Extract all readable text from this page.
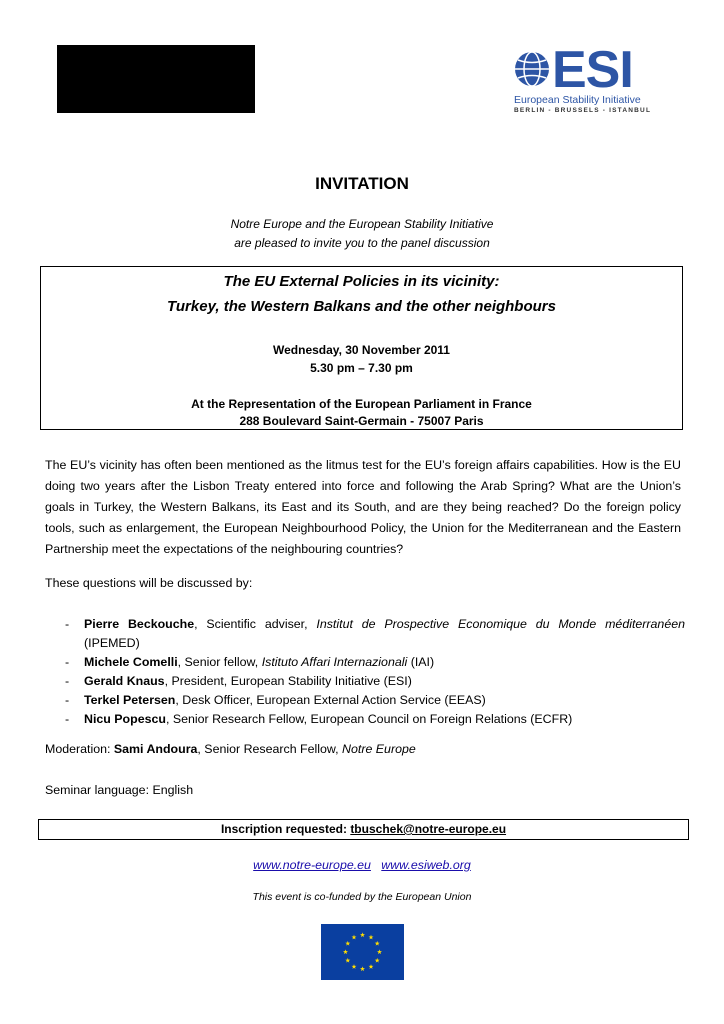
ESI
European Stability Initiative
BERLIN - BRUSSELS - ISTANBUL
INVITATION
Notre Europe and the European Stability Initiative
are pleased to invite you to the panel discussion
The EU External Policies in its vicinity:
Turkey, the Western Balkans and the other neighbours
Wednesday, 30 November 2011
5.30 pm – 7.30 pm
At the Representation of the European Parliament in France
288 Boulevard Saint-Germain - 75007 Paris
The EU’s vicinity has often been mentioned as the litmus test for the EU’s foreign affairs capabilities. How is the EU doing two years after the Lisbon Treaty entered into force and following the Arab Spring? What are the Union’s goals in Turkey, the Western Balkans, its East and its South, and are they being reached? Do the foreign policy tools, such as enlargement, the European Neighbourhood Policy, the Union for the Mediterranean and the Eastern Partnership meet the expectations of the neighbouring countries?
These questions will be discussed by:
- Pierre Beckouche, Scientific adviser, Institut de Prospective Economique du Monde méditerranéen (IPEMED)
- Michele Comelli, Senior fellow, Istituto Affari Internazionali (IAI)
- Gerald Knaus, President, European Stability Initiative (ESI)
- Terkel Petersen, Desk Officer, European External Action Service (EEAS)
- Nicu Popescu, Senior Research Fellow, European Council on Foreign Relations (ECFR)
Moderation: Sami Andoura, Senior Research Fellow, Notre Europe
Seminar language: English
Inscription requested: tbuschek@notre-europe.eu
www.notre-europe.eu www.esiweb.org
This event is co-funded by the European Union
